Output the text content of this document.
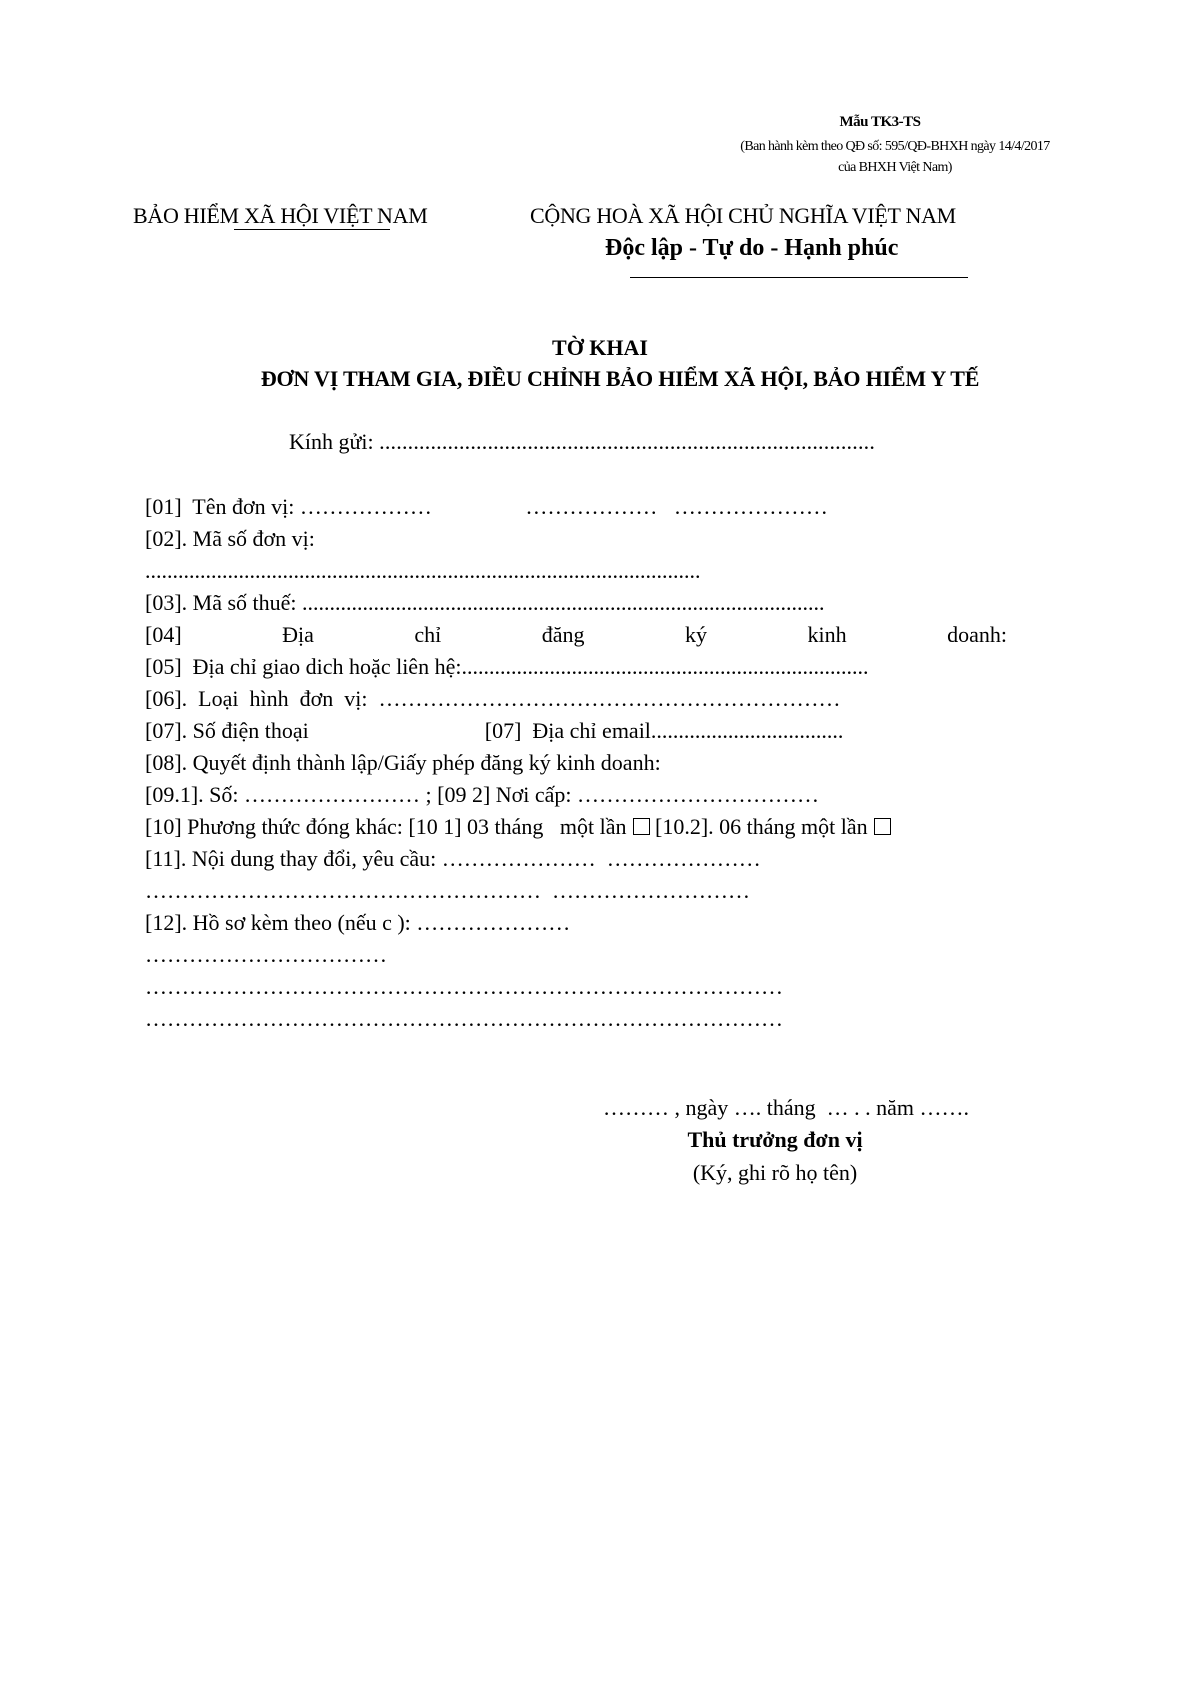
Mẫu TK3-TS
(Ban hành kèm theo QĐ số: 595/QĐ-BHXH ngày 14/4/2017 của BHXH Việt Nam)
BẢO HIỂM XÃ HỘI VIỆT NAM	CỘNG HOÀ XÃ HỘI CHỦ NGHĨA VIỆT NAM
Độc lập - Tự do - Hạnh phúc
TỜ KHAI
ĐƠN VỊ THAM GIA, ĐIỀU CHỈNH BẢO HIỂM XÃ HỘI, BẢO HIỂM Y TẾ
Kính gửi: .......................................................................................
[01]  Tên đơn vị: ………………                 ………………   …………………
[02]. Mã số đơn vị:
.....................................................................................................
[03]. Mã số thuế: ...............................................................................................
[04]	Địa	chỉ	đăng	ký	kinh	doanh:
[05]  Địa chỉ giao dich hoặc liên hệ:..........................................................................
[06].  Loại  hình  đơn  vị:  ………………………………………………………
[07]. Số điện thoại                                [07]  Địa chỉ email...................................
[08]. Quyết định thành lập/Giấy phép đăng ký kinh doanh:
[09.1]. Số: …………………… ; [09 2] Nơi cấp: ……………………………
[10] Phương thức đóng khác: [10 1] 03 tháng   một lần [10.2]. 06 tháng một lần
[11]. Nội dung thay đổi, yêu cầu: …………………  …………………
………………………………………………  ………………………
[12]. Hồ sơ kèm theo (nếu c ): …………………
……………………………
……………………………………………………………………………
……………………………………………………………………………
……… , ngày …. tháng  … . . năm …….
Thủ trưởng đơn vị
(Ký, ghi rõ họ tên)
